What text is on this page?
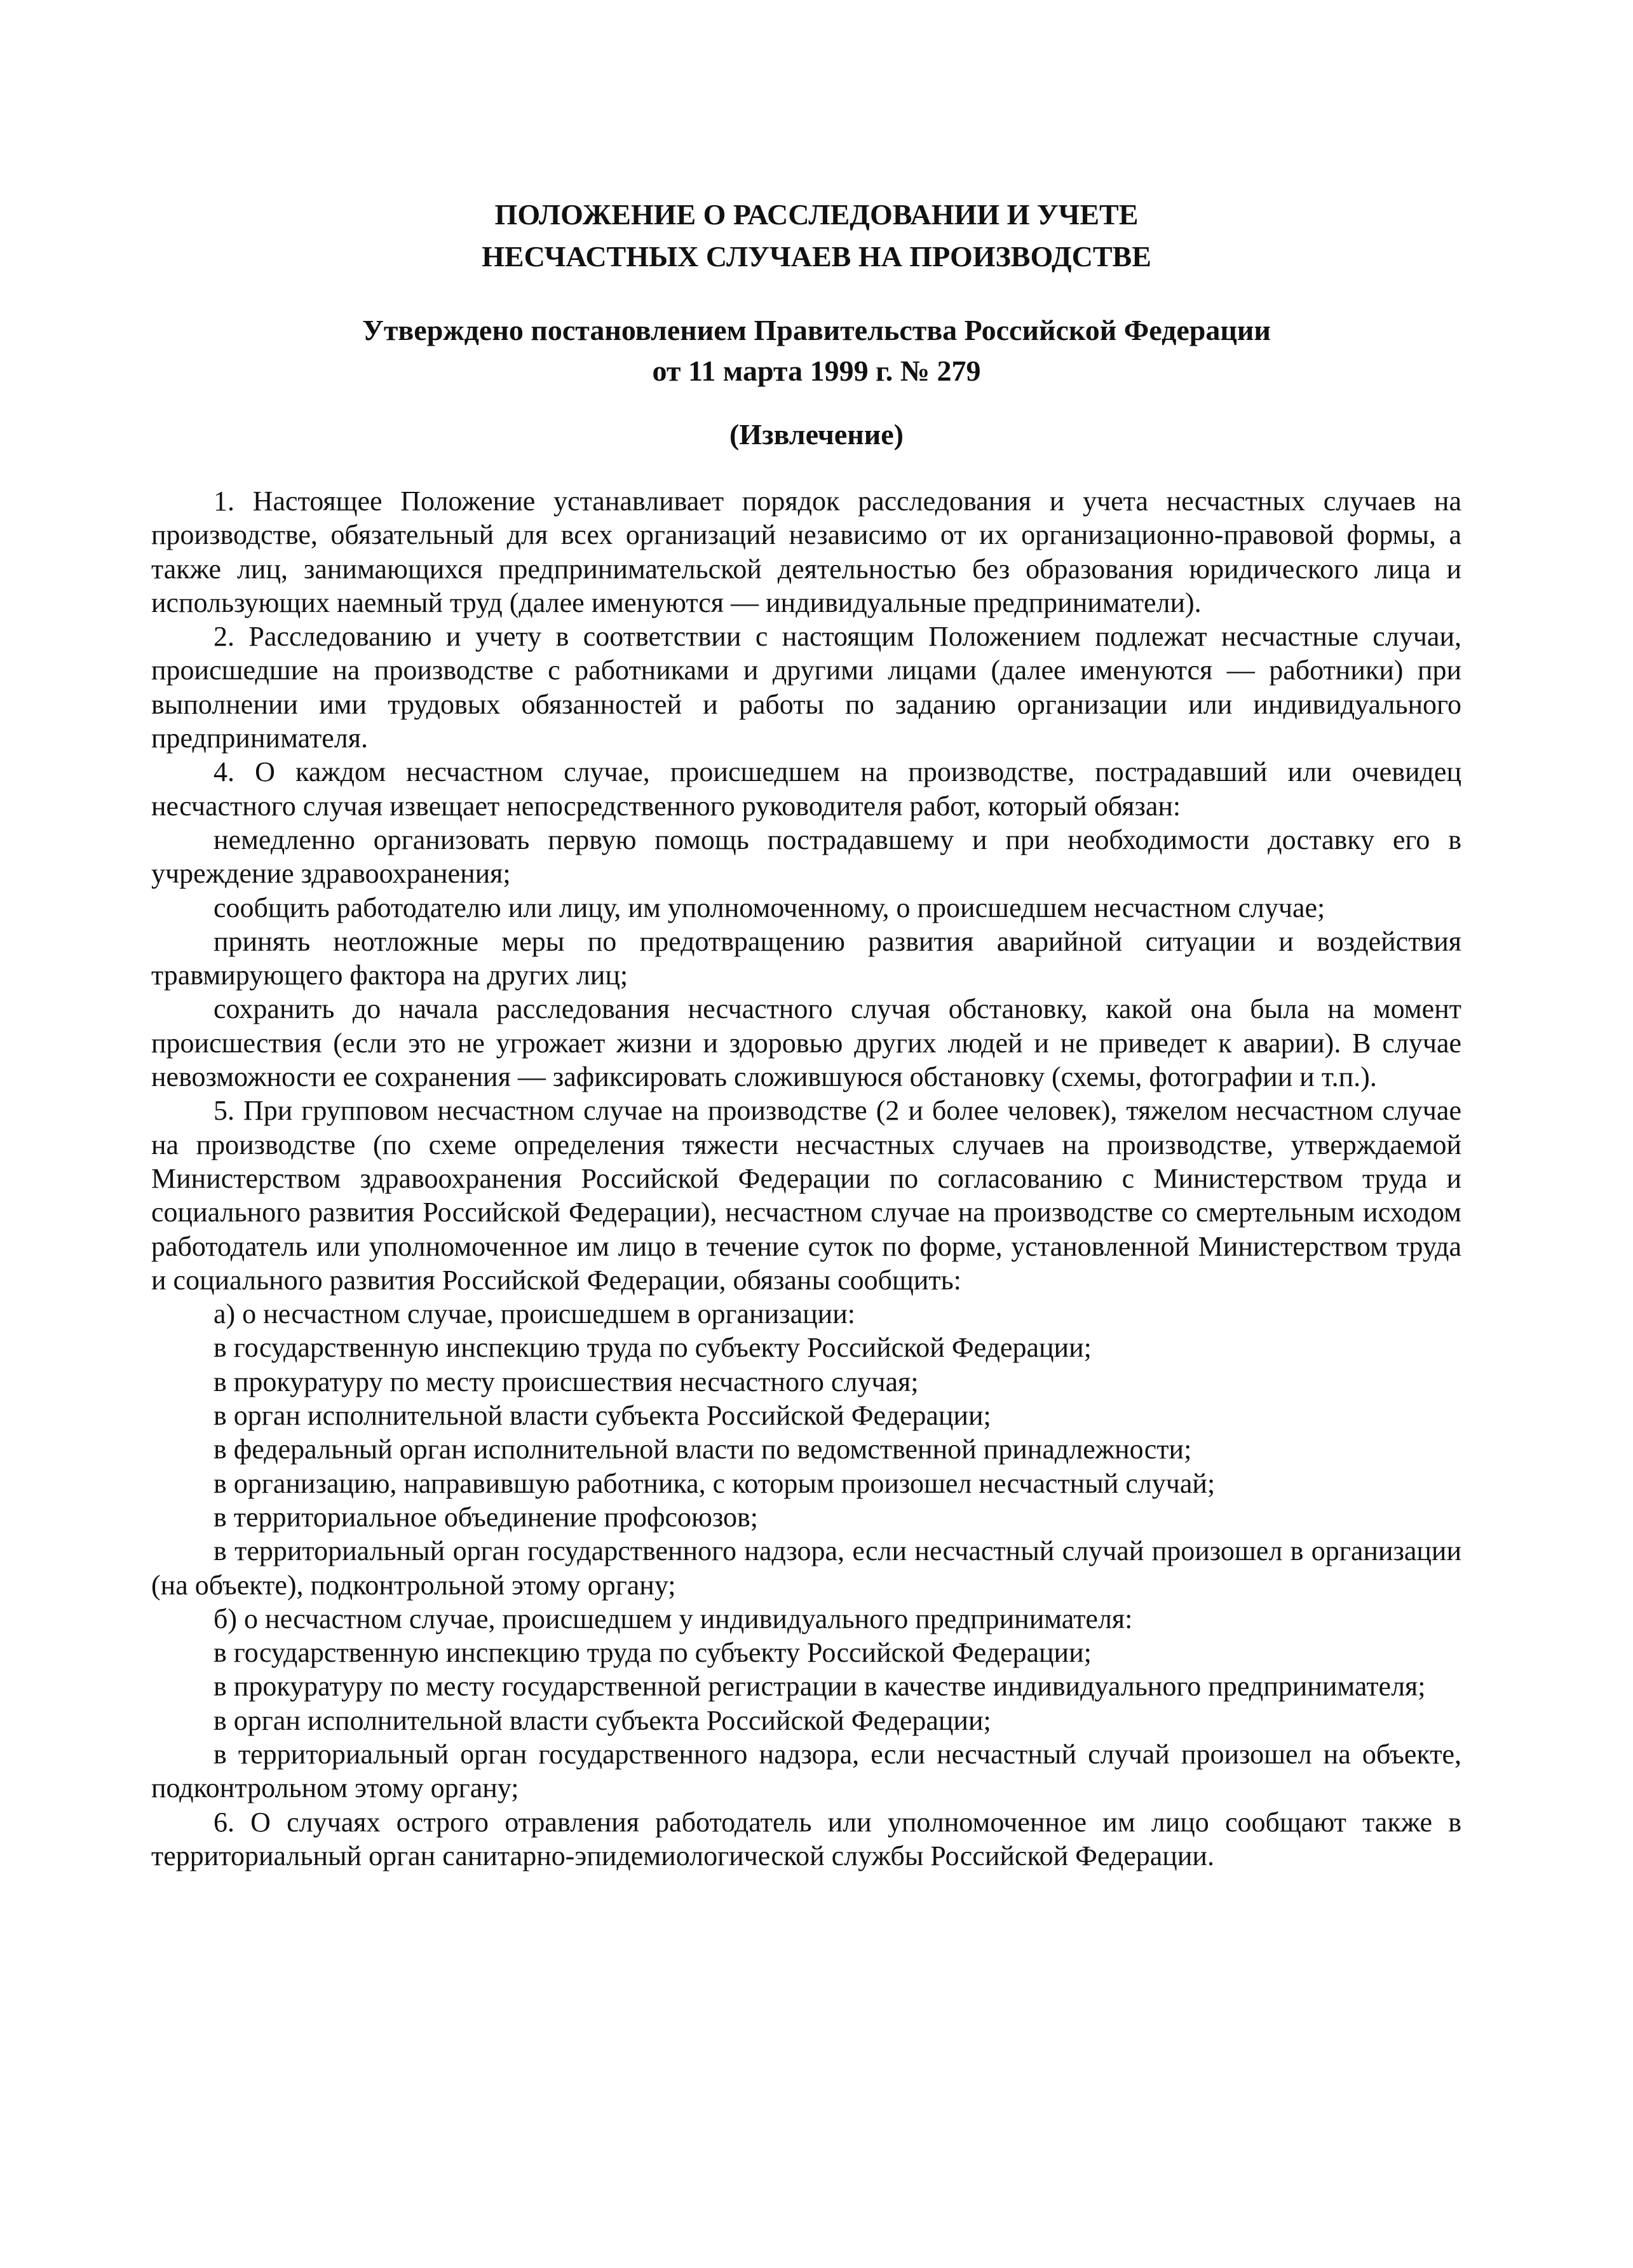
ПОЛОЖЕНИЕ О РАССЛЕДОВАНИИ И УЧЕТЕ
НЕСЧАСТНЫХ СЛУЧАЕВ НА ПРОИЗВОДСТВЕ
Утверждено постановлением Правительства Российской Федерации
от 11 марта 1999 г. № 279
(Извлечение)

1. Настоящее Положение устанавливает порядок расследования и учета несчастных случаев на производстве, обязательный для всех организаций независимо от их организационно-правовой формы, а также лиц, занимающихся предпринимательской деятельностью без образования юридического лица и использующих наемный труд (далее именуются — индивидуальные предприниматели).

2. Расследованию и учету в соответствии с настоящим Положением подлежат несчастные случаи, происшедшие на производстве с работниками и другими лицами (далее именуются — работники) при выполнении ими трудовых обязанностей и работы по заданию организации или индивидуального предпринимателя.

4. О каждом несчастном случае, происшедшем на производстве, пострадавший или очевидец несчастного случая извещает непосредственного руководителя работ, который обязан:

немедленно организовать первую помощь пострадавшему и при необходимости доставку его в учреждение здравоохранения;

сообщить работодателю или лицу, им уполномоченному, о происшедшем несчастном случае;

принять неотложные меры по предотвращению развития аварийной ситуации и воздействия травмирующего фактора на других лиц;

сохранить до начала расследования несчастного случая обстановку, какой она была на момент происшествия (если это не угрожает жизни и здоровью других людей и не приведет к аварии). В случае невозможности ее сохранения — зафиксировать сложившуюся обстановку (схемы, фотографии и т.п.).

5. При групповом несчастном случае на производстве (2 и более человек), тяжелом несчастном случае на производстве (по схеме определения тяжести несчастных случаев на производстве, утверждаемой Министерством здравоохранения Российской Федерации по согласованию с Министерством труда и социального развития Российской Федерации), несчастном случае на производстве со смертельным исходом работодатель или уполномоченное им лицо в течение суток по форме, установленной Министерством труда и социального развития Российской Федерации, обязаны сообщить:

а) о несчастном случае, происшедшем в организации:

в государственную инспекцию труда по субъекту Российской Федерации;

в прокуратуру по месту происшествия несчастного случая;

в орган исполнительной власти субъекта Российской Федерации;

в федеральный орган исполнительной власти по ведомственной принадлежности;

в организацию, направившую работника, с которым произошел несчастный случай;

в территориальное объединение профсоюзов;

в территориальный орган государственного надзора, если несчастный случай произошел в организации (на объекте), подконтрольной этому органу;

б) о несчастном случае, происшедшем у индивидуального предпринимателя:

в государственную инспекцию труда по субъекту Российской Федерации;

в прокуратуру по месту государственной регистрации в качестве индивидуального предпринимателя;

в орган исполнительной власти субъекта Российской Федерации;

в территориальный орган государственного надзора, если несчастный случай произошел на объекте, подконтрольном этому органу;

6. О случаях острого отравления работодатель или уполномоченное им лицо сообщают также в территориальный орган санитарно-эпидемиологической службы Российской Федерации.
